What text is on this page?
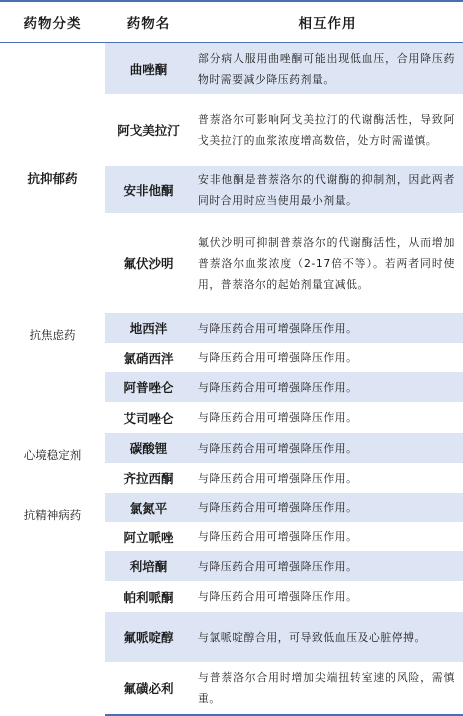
药物分类	药物名	相互作用

抗抑郁药	曲唑酮	部分病人服用曲唑酮可能出现低血压，合用降压药物时需要减少降压药剂量。
	阿戈美拉汀	普萘洛尔可影响阿戈美拉汀的代谢酶活性，导致阿戈美拉汀的血浆浓度增高数倍，处方时需谨慎。
	安非他酮	安非他酮是普萘洛尔的代谢酶的抑制剂，因此两者同时合用时应当使用最小剂量。
	氟伏沙明	氟伏沙明可抑制普萘洛尔的代谢酶活性，从而增加普萘洛尔血浆浓度（2-17倍不等）。若两者同时使用，普萘洛尔的起始剂量宜减低。

抗焦虑药	地西泮	与降压药合用可增强降压作用。
	氯硝西泮	与降压药合用可增强降压作用。
	阿普唑仑	与降压药合用可增强降压作用。
	艾司唑仑	与降压药合用可增强降压作用。

心境稳定剂	碳酸锂	与降压药合用可增强降压作用。
	齐拉西酮	与降压药合用可增强降压作用。

抗精神病药	氯氮平	与降压药合用可增强降压作用。
	阿立哌唑	与降压药合用可增强降压作用。
	利培酮	与降压药合用可增强降压作用。
	帕利哌酮	与降压药合用可增强降压作用。
	氟哌啶醇	与氯哌啶醇合用，可导致低血压及心脏停搏。
	氟磺必利	与普萘洛尔合用时增加尖端扭转室速的风险，需慎重。
